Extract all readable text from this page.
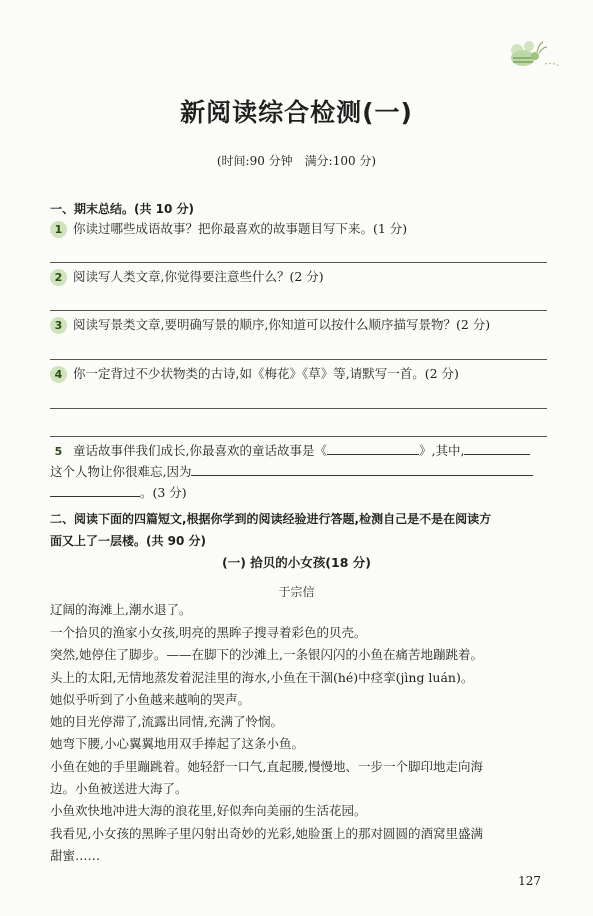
新阅读综合检测(一)
(时间:90 分钟　满分:100 分)
一、期末总结。(共 10 分)
1 你读过哪些成语故事？把你最喜欢的故事题目写下来。(1 分)
2 阅读写人类文章,你觉得要注意些什么？(2 分)
3 阅读写景类文章,要明确写景的顺序,你知道可以按什么顺序描写景物？(2 分)
4 你一定背过不少状物类的古诗,如《梅花》《草》等,请默写一首。(2 分)
5 童话故事伴我们成长,你最喜欢的童话故事是《	》,其中,
这个人物让你很难忘,因为
。(3 分)
二、阅读下面的四篇短文,根据你学到的阅读经验进行答题,检测自己是不是在阅读方
面又上了一层楼。(共 90 分)
(一) 拾贝的小女孩(18 分)
于宗信
辽阔的海滩上,潮水退了。
一个拾贝的渔家小女孩,明亮的黑眸子搜寻着彩色的贝壳。
突然,她停住了脚步。——在脚下的沙滩上,一条银闪闪的小鱼在痛苦地蹦跳着。
头上的太阳,无情地蒸发着泥洼里的海水,小鱼在干涸(hé)中痉挛(jìng luán)。
她似乎听到了小鱼越来越响的哭声。
她的目光停滞了,流露出同情,充满了怜悯。
她弯下腰,小心翼翼地用双手捧起了这条小鱼。
小鱼在她的手里蹦跳着。她轻舒一口气,直起腰,慢慢地、一步一个脚印地走向海
边。小鱼被送进大海了。
小鱼欢快地冲进大海的浪花里,好似奔向美丽的生活花园。
我看见,小女孩的黑眸子里闪射出奇妙的光彩,她脸蛋上的那对圆圆的酒窝里盛满
甜蜜……
127
